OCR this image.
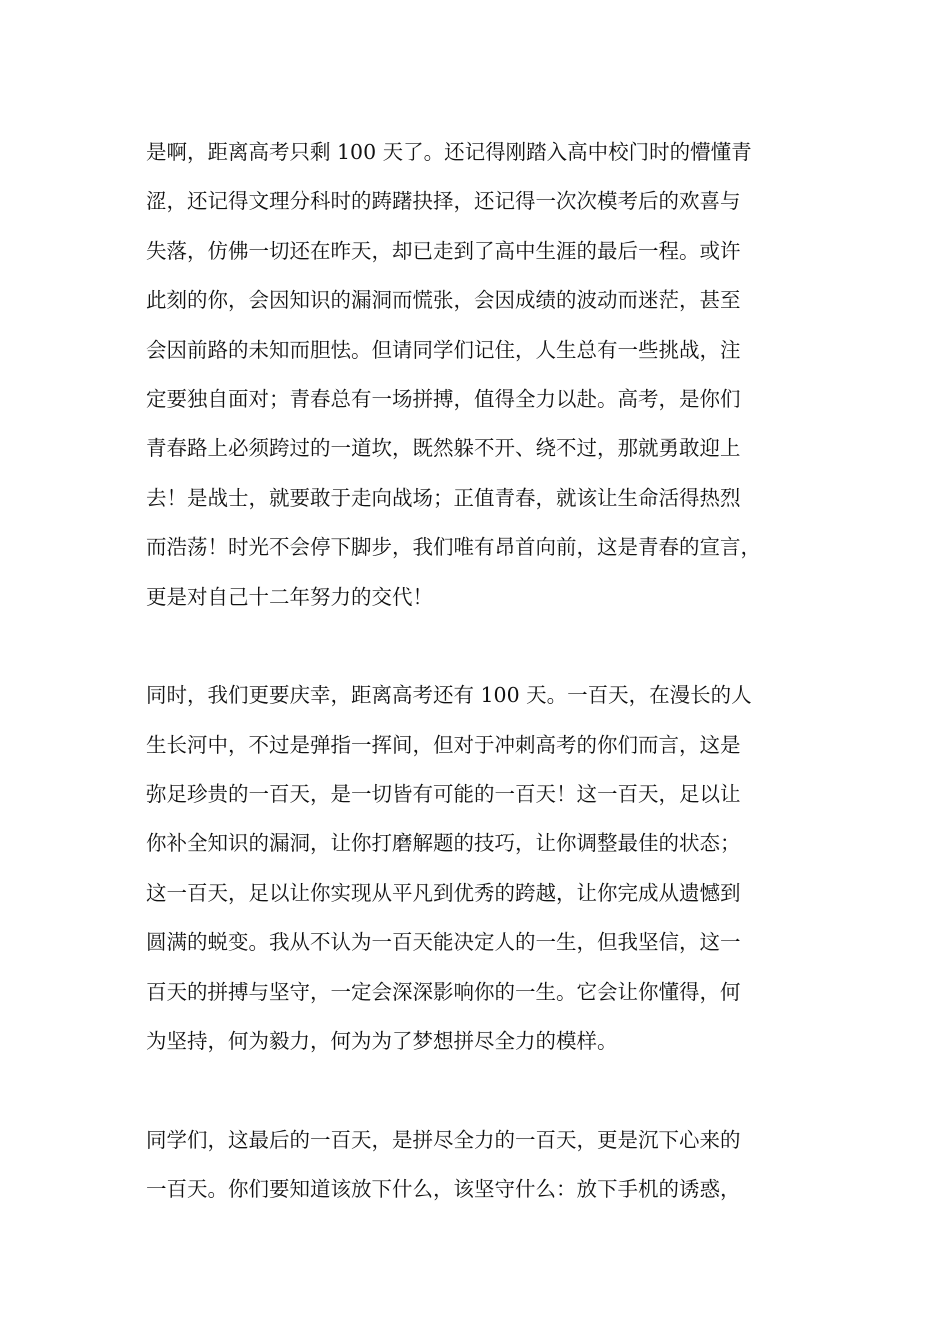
是啊，距离高考只剩 100 天了。还记得刚踏入高中校门时的懵懂青
涩，还记得文理分科时的踌躇抉择，还记得一次次模考后的欢喜与
失落，仿佛一切还在昨天，却已走到了高中生涯的最后一程。或许
此刻的你，会因知识的漏洞而慌张，会因成绩的波动而迷茫，甚至
会因前路的未知而胆怯。但请同学们记住，人生总有一些挑战，注
定要独自面对；青春总有一场拼搏，值得全力以赴。高考，是你们
青春路上必须跨过的一道坎，既然躲不开、绕不过，那就勇敢迎上
去！是战士，就要敢于走向战场；正值青春，就该让生命活得热烈
而浩荡！时光不会停下脚步，我们唯有昂首向前，这是青春的宣言，
更是对自己十二年努力的交代！
同时，我们更要庆幸，距离高考还有 100 天。一百天，在漫长的人
生长河中，不过是弹指一挥间，但对于冲刺高考的你们而言，这是
弥足珍贵的一百天，是一切皆有可能的一百天！这一百天，足以让
你补全知识的漏洞，让你打磨解题的技巧，让你调整最佳的状态；
这一百天，足以让你实现从平凡到优秀的跨越，让你完成从遗憾到
圆满的蜕变。我从不认为一百天能决定人的一生，但我坚信，这一
百天的拼搏与坚守，一定会深深影响你的一生。它会让你懂得，何
为坚持，何为毅力，何为为了梦想拼尽全力的模样。
同学们，这最后的一百天，是拼尽全力的一百天，更是沉下心来的
一百天。你们要知道该放下什么，该坚守什么：放下手机的诱惑，
